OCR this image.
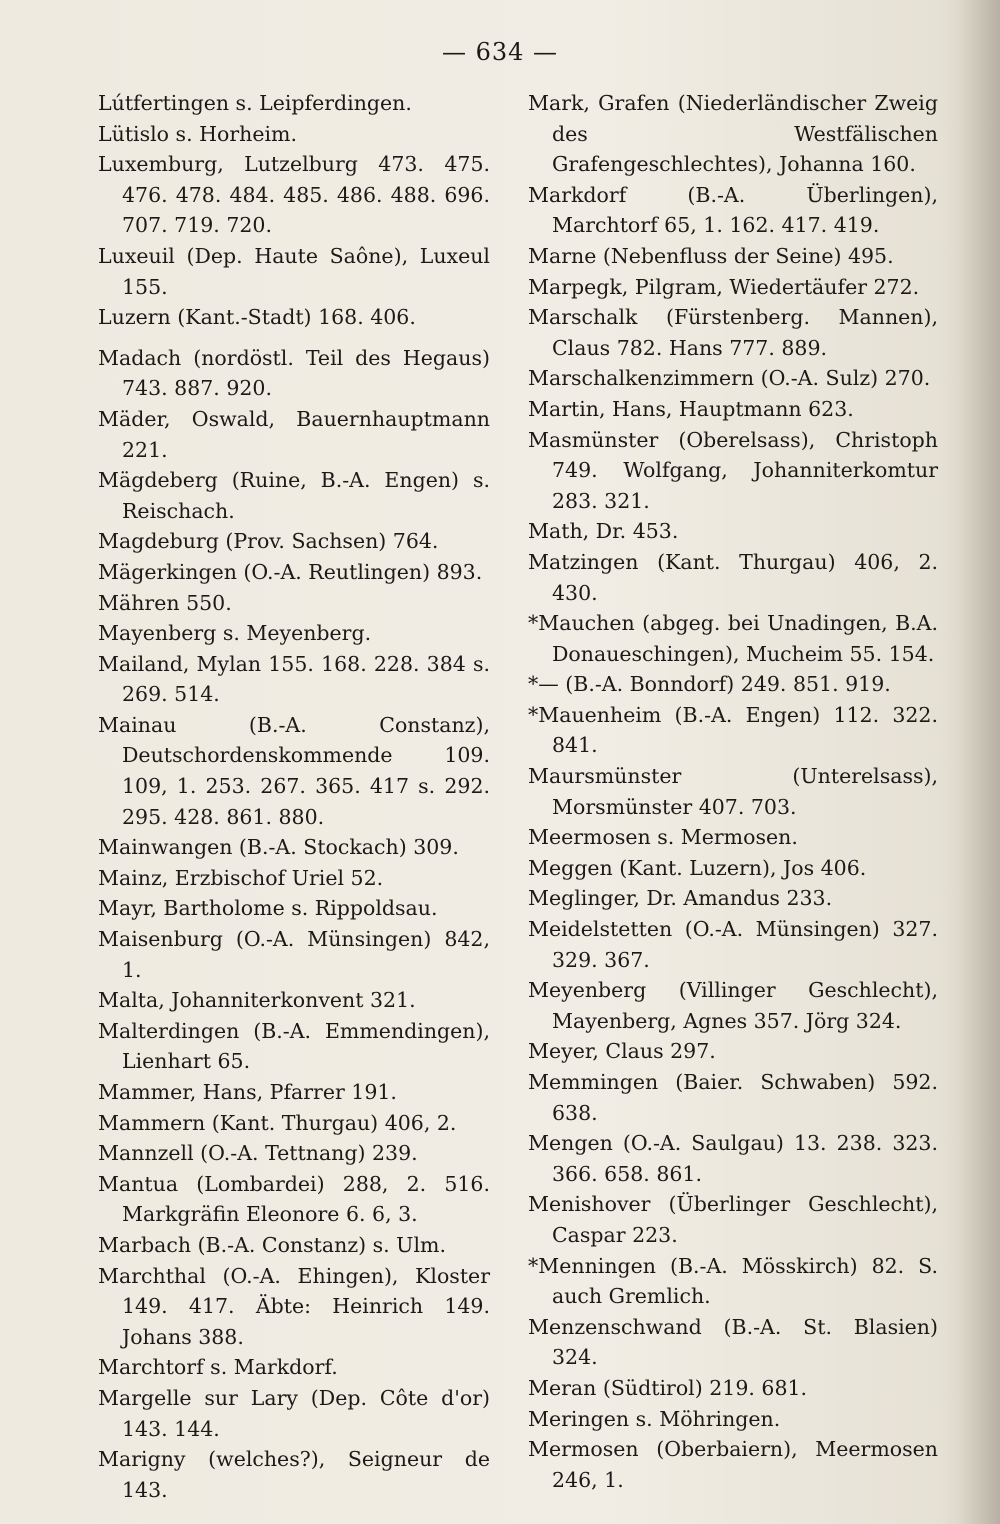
— 634 —
Lútfertingen s. Leipferdingen.
Lütislo s. Horheim.
Luxemburg, Lutzelburg 473. 475. 476. 478. 484. 485. 486. 488. 696. 707. 719. 720.
Luxeuil (Dep. Haute Saône), Luxeul 155.
Luzern (Kant.-Stadt) 168. 406.
Madach (nordöstl. Teil des Hegaus) 743. 887. 920.
Mäder, Oswald, Bauernhauptmann 221.
Mägdeberg (Ruine, B.-A. Engen) s. Reischach.
Magdeburg (Prov. Sachsen) 764.
Mägerkingen (O.-A. Reutlingen) 893.
Mähren 550.
Mayenberg s. Meyenberg.
Mailand, Mylan 155. 168. 228. 384 s. 269. 514.
Mainau (B.-A. Constanz), Deutschordenskommende 109. 109, 1. 253. 267. 365. 417 s. 292. 295. 428. 861. 880.
Mainwangen (B.-A. Stockach) 309.
Mainz, Erzbischof Uriel 52.
Mayr, Bartholome s. Rippoldsau.
Maisenburg (O.-A. Münsingen) 842, 1.
Malta, Johanniterkonvent 321.
Malterdingen (B.-A. Emmendingen), Lienhart 65.
Mammer, Hans, Pfarrer 191.
Mammern (Kant. Thurgau) 406, 2.
Mannzell (O.-A. Tettnang) 239.
Mantua (Lombardei) 288, 2. 516. Markgräfin Eleonore 6. 6, 3.
Marbach (B.-A. Constanz) s. Ulm.
Marchthal (O.-A. Ehingen), Kloster 149. 417. Äbte: Heinrich 149. Johans 388.
Marchtorf s. Markdorf.
Margelle sur Lary (Dep. Côte d'or) 143. 144.
Marigny (welches?), Seigneur de 143.
Mark, Grafen (Niederländischer Zweig des Westfälischen Grafengeschlechtes), Johanna 160.
Markdorf (B.-A. Überlingen), Marchtorf 65, 1. 162. 417. 419.
Marne (Nebenfluss der Seine) 495.
Marpegk, Pilgram, Wiedertäufer 272.
Marschalk (Fürstenberg. Mannen), Claus 782. Hans 777. 889.
Marschalkenzimmern (O.-A. Sulz) 270.
Martin, Hans, Hauptmann 623.
Masmünster (Oberelsass), Christoph 749. Wolfgang, Johanniterkomtur 283. 321.
Math, Dr. 453.
Matzingen (Kant. Thurgau) 406, 2. 430.
*Mauchen (abgeg. bei Unadingen, B.A. Donaueschingen), Mucheim 55. 154.
*— (B.-A. Bonndorf) 249. 851. 919.
*Mauenheim (B.-A. Engen) 112. 322. 841.
Maursmünster (Unterelsass), Morsmünster 407. 703.
Meermosen s. Mermosen.
Meggen (Kant. Luzern), Jos 406.
Meglinger, Dr. Amandus 233.
Meidelstetten (O.-A. Münsingen) 327. 329. 367.
Meyenberg (Villinger Geschlecht), Mayenberg, Agnes 357. Jörg 324.
Meyer, Claus 297.
Memmingen (Baier. Schwaben) 592. 638.
Mengen (O.-A. Saulgau) 13. 238. 323. 366. 658. 861.
Menishover (Überlinger Geschlecht), Caspar 223.
*Menningen (B.-A. Mösskirch) 82. S. auch Gremlich.
Menzenschwand (B.-A. St. Blasien) 324.
Meran (Südtirol) 219. 681.
Meringen s. Möhringen.
Mermosen (Oberbaiern), Meermosen 246, 1.
